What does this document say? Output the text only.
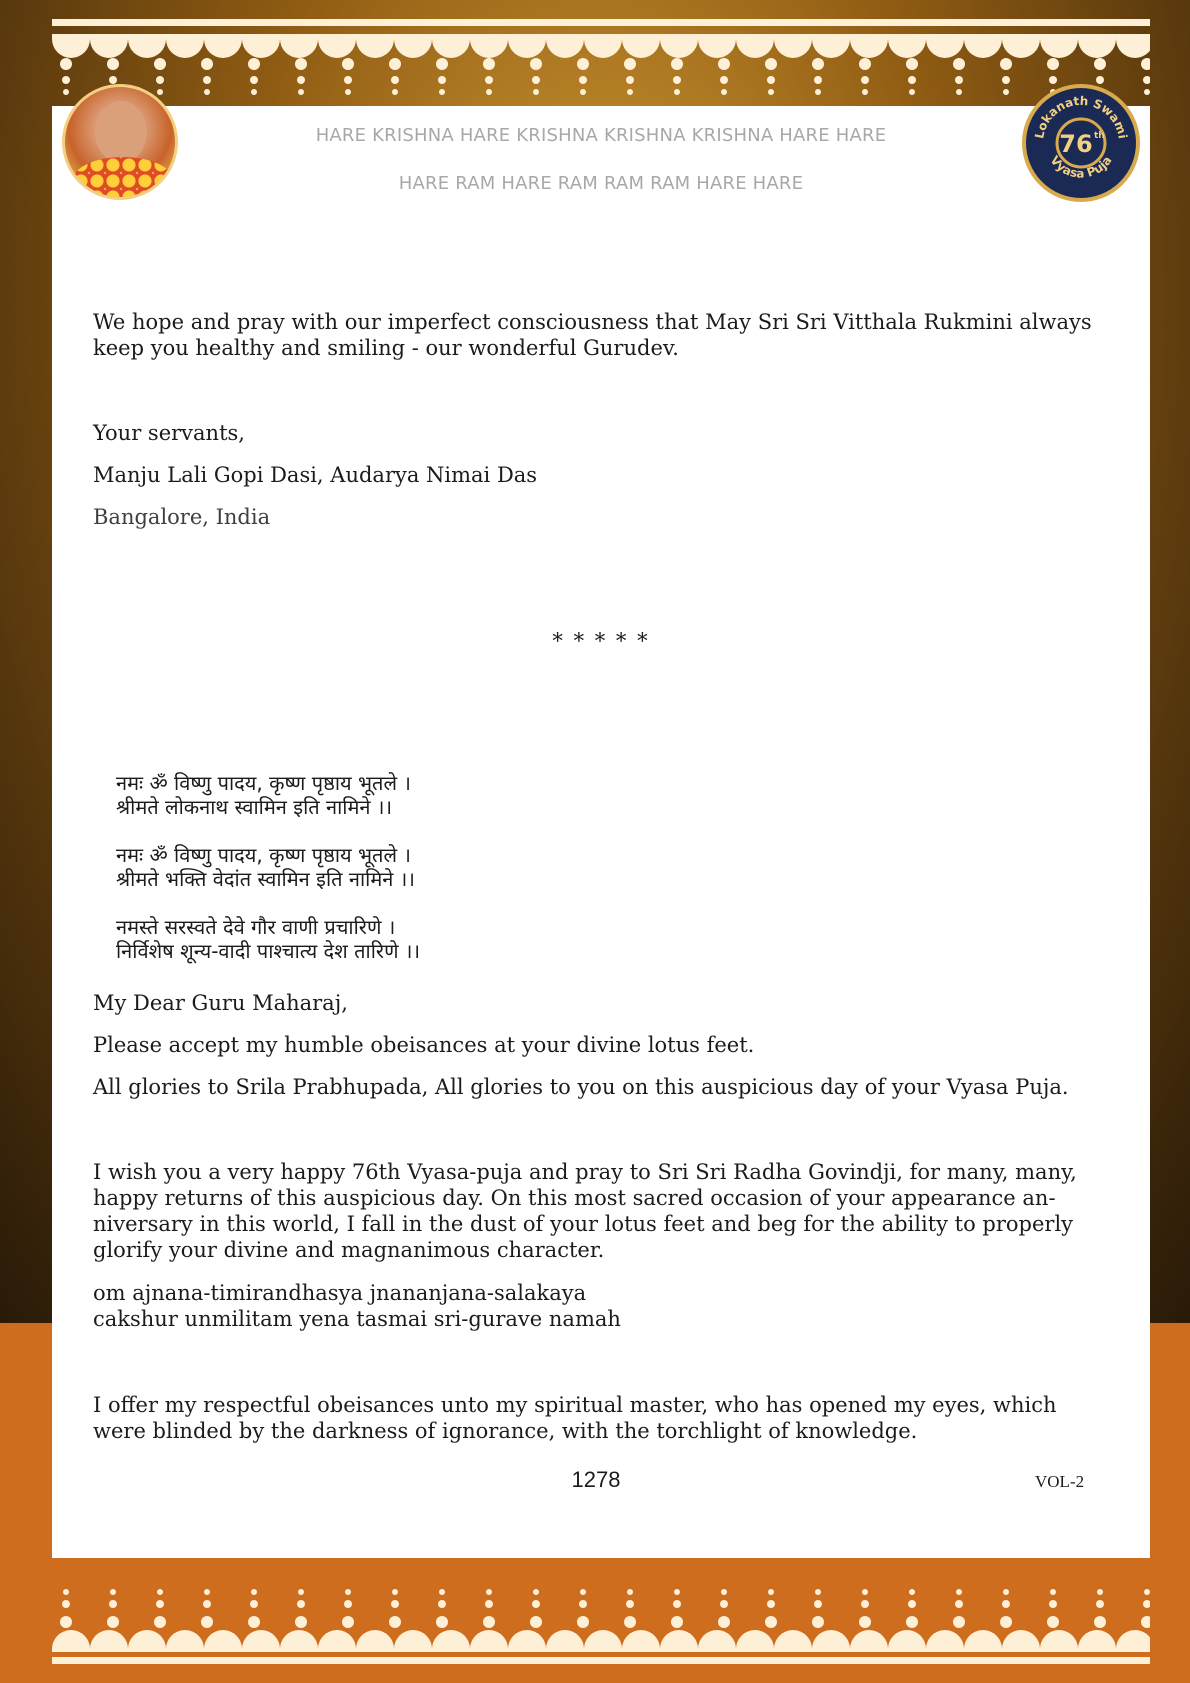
Lokanath Swami
76 th
Vyasa Puja
HARE KRISHNA HARE KRISHNA KRISHNA KRISHNA HARE HARE
HARE RAM HARE RAM RAM RAM HARE HARE

We hope and pray with our imperfect consciousness that May Sri Sri Vitthala Rukmini always keep you healthy and smiling - our wonderful Gurudev.

Your servants,

Manju Lali Gopi Dasi, Audarya Nimai Das

Bangalore, India

* * * * *

नमः ॐ विष्णु पादय, कृष्ण पृष्ठाय भूतले ।

श्रीमते लोकनाथ स्वामिन इति नामिने ।।

नमः ॐ विष्णु पादय, कृष्ण पृष्ठाय भूतले ।

श्रीमते भक्ति वेदांत स्वामिन इति नामिने ।।

नमस्ते सरस्वते देवे गौर वाणी प्रचारिणे ।

निर्विशेष शून्य-वादी पाश्चात्य देश तारिणे ।।

My Dear Guru Maharaj,

Please accept my humble obeisances at your divine lotus feet.

All glories to Srila Prabhupada, All glories to you on this auspicious day of your Vyasa Puja.

I wish you a very happy 76th Vyasa-puja and pray to Sri Sri Radha Govindji, for many, many, happy returns of this auspicious day. On this most sacred occasion of your appearance an-niversary in this world, I fall in the dust of your lotus feet and beg for the ability to properly glorify your divine and magnanimous character.

om ajnana-timirandhasya jnananjana-salakaya

cakshur unmilitam yena tasmai sri-gurave namah

I offer my respectful obeisances unto my spiritual master, who has opened my eyes, which were blinded by the darkness of ignorance, with the torchlight of knowledge.

1278	VOL-2
